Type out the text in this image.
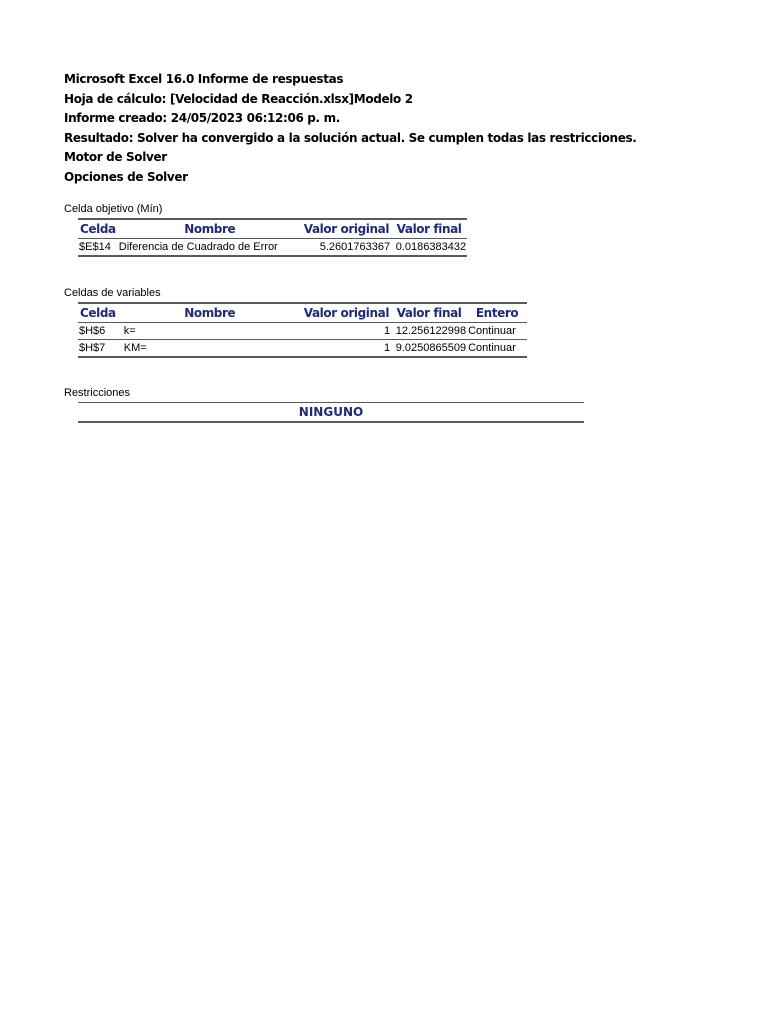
Microsoft Excel 16.0 Informe de respuestas
Hoja de cálculo: [Velocidad de Reacción.xlsx]Modelo 2
Informe creado: 24/05/2023 06:12:06 p. m.
Resultado: Solver ha convergido a la solución actual. Se cumplen todas las restricciones.
Motor de Solver
Opciones de Solver
Celda objetivo (Mín)
Celda	Nombre	Valor original	Valor final
$E$14	Diferencia de Cuadrado de Error	5.2601763367	0.0186383432
Celdas de variables
Celda	Nombre	Valor original	Valor final	Entero
$H$6	k=	1	12.256122998	Continuar
$H$7	KM=	1	9.0250865509	Continuar
Restricciones
NINGUNO
